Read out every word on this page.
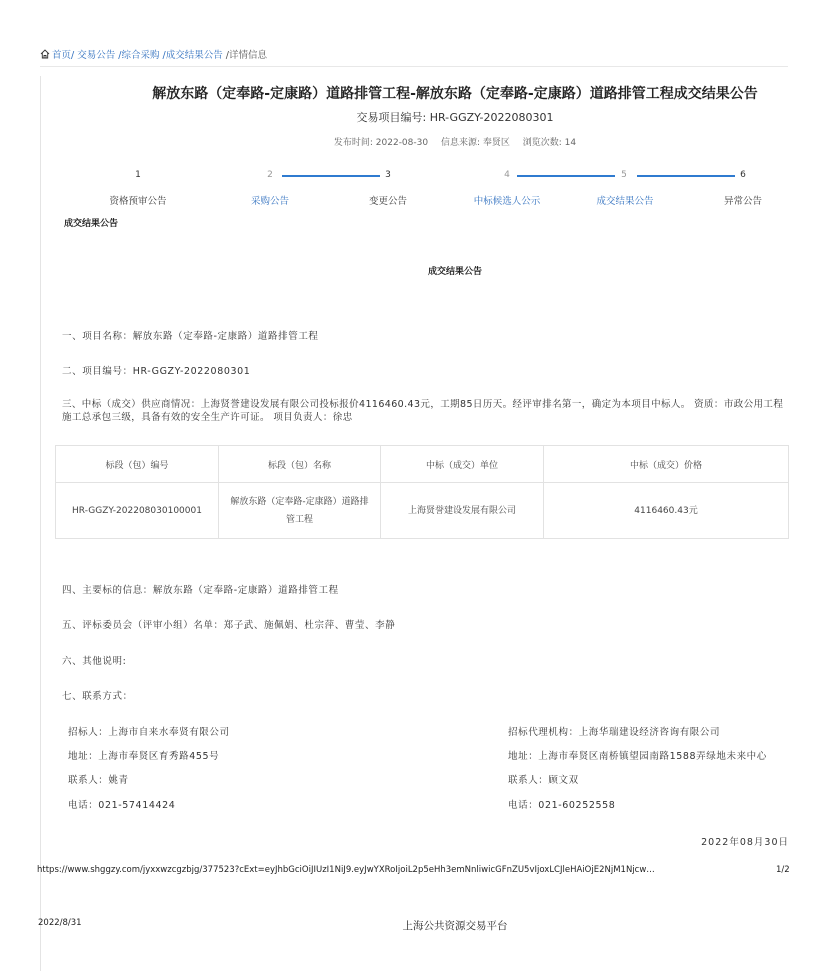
首页/ 交易公告 /综合采购 /成交结果公告 /详情信息
解放东路（定奉路-定康路）道路排管工程-解放东路（定奉路-定康路）道路排管工程成交结果公告
交易项目编号: HR-GGZY-2022080301
发布时间: 2022-08-30 信息来源: 奉贤区 浏览次数: 14
1	2	3	4	5	6
资格预审公告	采购公告	变更公告	中标候选人公示	成交结果公告	异常公告
成交结果公告
成交结果公告
一、项目名称：解放东路（定奉路-定康路）道路排管工程
二、项目编号：HR-GGZY-2022080301
三、中标（成交）供应商情况：上海贤誉建设发展有限公司投标报价4116460.43元，工期85日历天。经评审排名第一，确定为本项目中标人。 资质：市政公用工程施工总承包三级，具备有效的安全生产许可证。 项目负责人：徐忠
标段（包）编号	标段（包）名称	中标（成交）单位	中标（成交）价格
HR-GGZY-202208030100001	解放东路（定奉路-定康路）道路排管工程	上海贤誉建设发展有限公司	4116460.43元
四、主要标的信息：解放东路（定奉路-定康路）道路排管工程
五、评标委员会（评审小组）名单：郑子武、施佩娟、杜宗萍、曹莹、李静
六、其他说明:
七、联系方式：
招标人：上海市自来水奉贤有限公司
地址：上海市奉贤区育秀路455号
联系人：姚青
电话：021-57414424
招标代理机构：上海华瑞建设经济咨询有限公司
地址：上海市奉贤区南桥镇望园南路1588弄绿地未来中心
联系人：顾文双
电话：021-60252558
2022年08月30日
https://www.shggzy.com/jyxxwzcgzbjg/377523?cExt=eyJhbGciOiJIUzI1NiJ9.eyJwYXRoIjoiL2p5eHh3emNnliwicGFnZU5vIjoxLCJleHAiOjE2NjM1Njcw…	1/2
2022/8/31	上海公共资源交易平台
